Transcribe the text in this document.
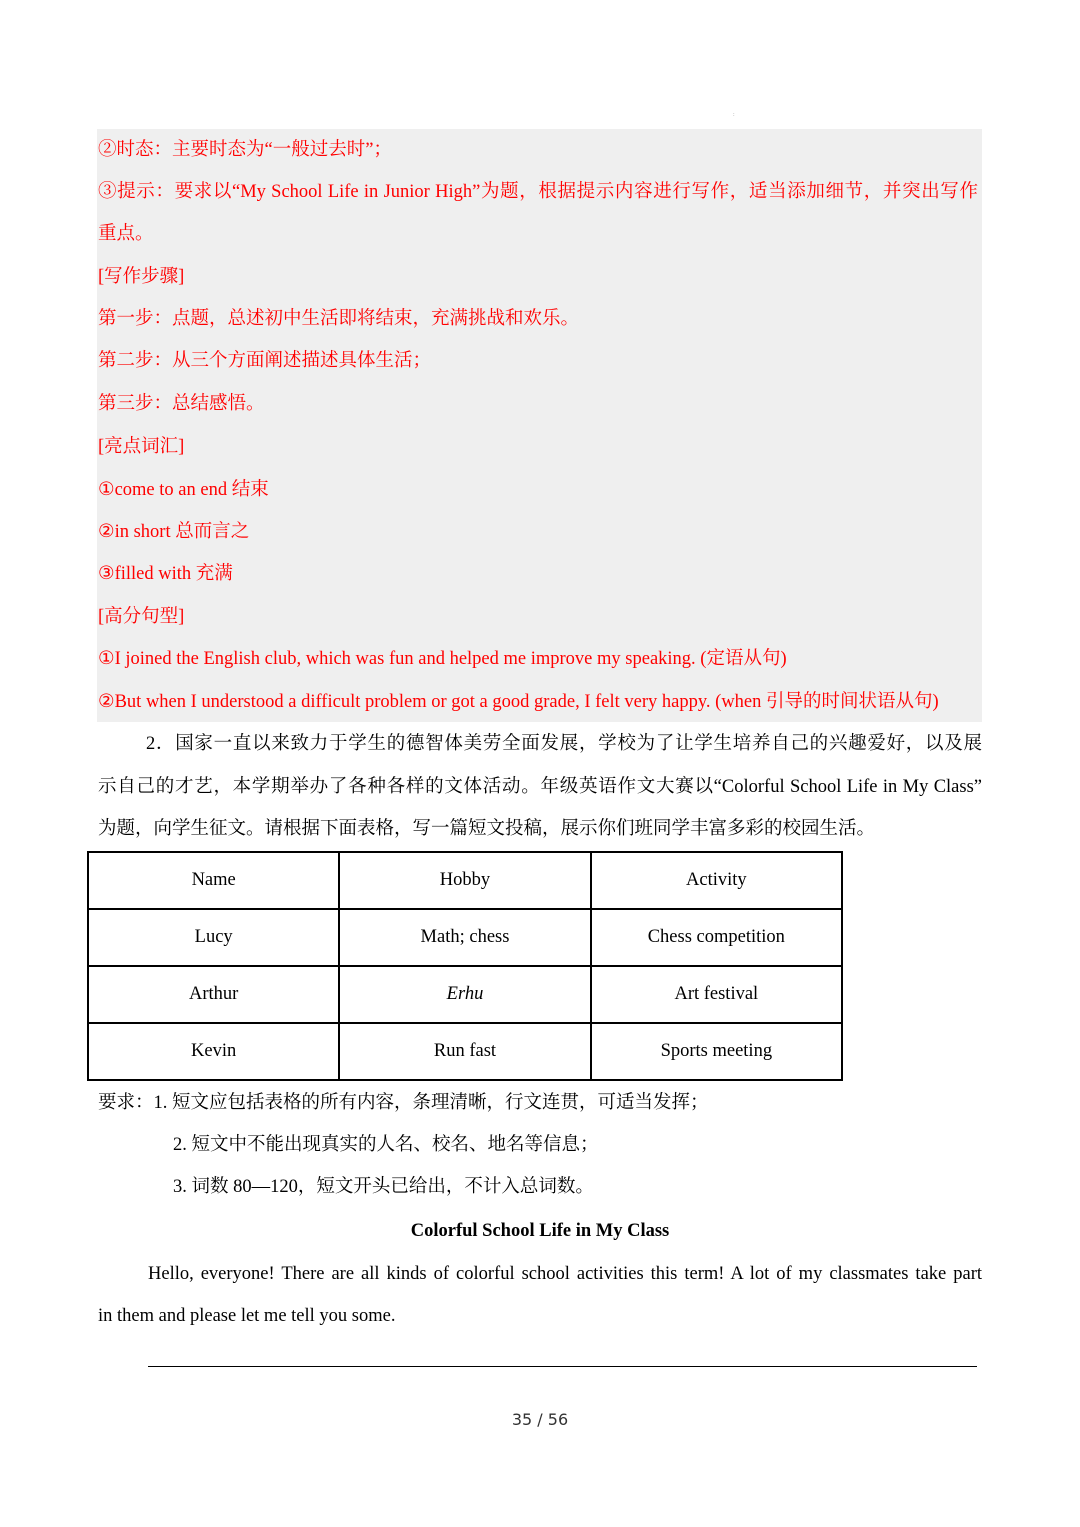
:
②时态：主要时态为“一般过去时”；
③提示：要求以“My School Life in Junior High”为题，根据提示内容进行写作，适当添加细节，并突出写作
重点。
[写作步骤]
第一步：点题，总述初中生活即将结束，充满挑战和欢乐。
第二步：从三个方面阐述描述具体生活；
第三步：总结感悟。
[亮点词汇]
①come to an end 结束
②in short 总而言之
③filled with 充满
[高分句型]
①I joined the English club, which was fun and helped me improve my speaking. (定语从句)
②But when I understood a difficult problem or got a good grade, I felt very happy. (when 引导的时间状语从句)
2．国家一直以来致力于学生的德智体美劳全面发展，学校为了让学生培养自己的兴趣爱好，以及展
示自己的才艺，本学期举办了各种各样的文体活动。年级英语作文大赛以“Colorful School Life in My Class”
为题，向学生征文。请根据下面表格，写一篇短文投稿，展示你们班同学丰富多彩的校园生活。
Name	Hobby	Activity
Lucy	Math; chess	Chess competition
Arthur	Erhu	Art festival
Kevin	Run fast	Sports meeting
要求：1. 短文应包括表格的所有内容，条理清晰，行文连贯，可适当发挥；
2. 短文中不能出现真实的人名、校名、地名等信息；
3. 词数 80—120，短文开头已给出，不计入总词数。
Colorful School Life in My Class
Hello, everyone! There are all kinds of colorful school activities this term! A lot of my classmates take part
in them and please let me tell you some.
35 / 56
